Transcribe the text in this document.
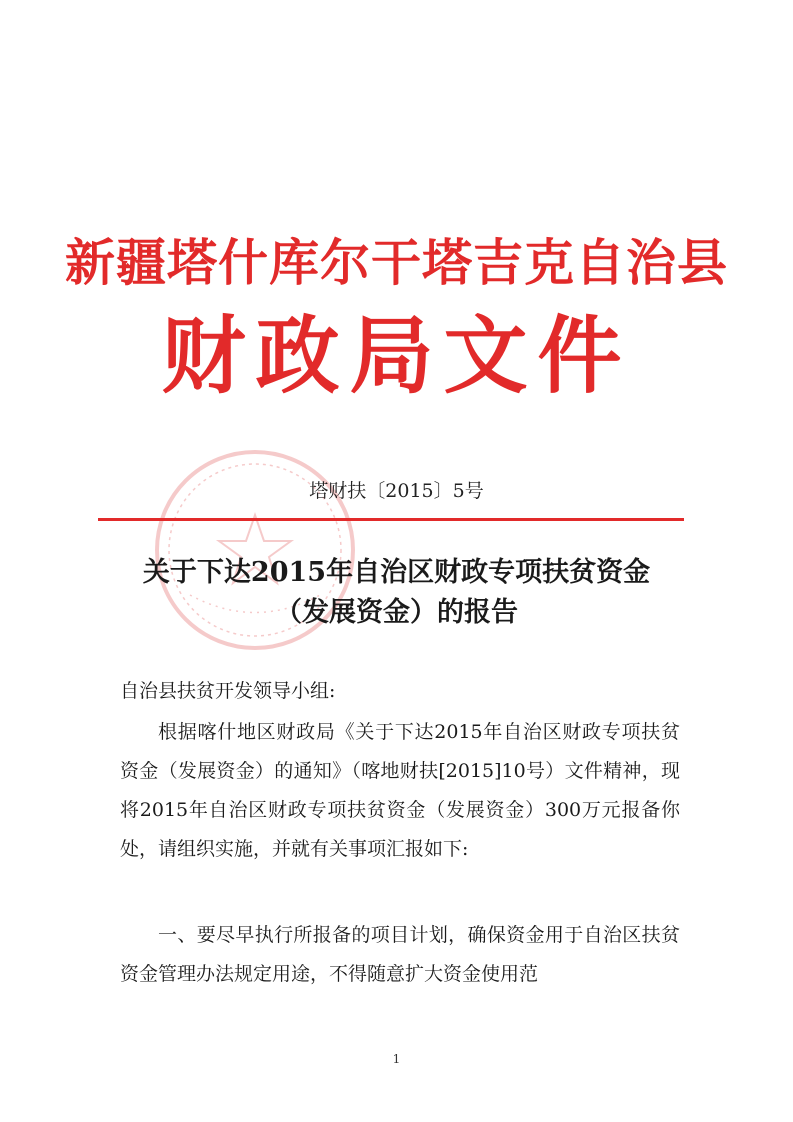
新疆塔什库尔干塔吉克自治县
财政局文件
塔财扶〔2015〕5号
关于下达2015年自治区财政专项扶贫资金
（发展资金）的报告
自治县扶贫开发领导小组:

根据喀什地区财政局《关于下达2015年自治区财政专项扶贫资金（发展资金）的通知》（喀地财扶[2015]10号）文件精神，现将2015年自治区财政专项扶贫资金（发展资金）300万元报备你处，请组织实施，并就有关事项汇报如下:

一、要尽早执行所报备的项目计划，确保资金用于自治区扶贫资金管理办法规定用途，不得随意扩大资金使用范

1
